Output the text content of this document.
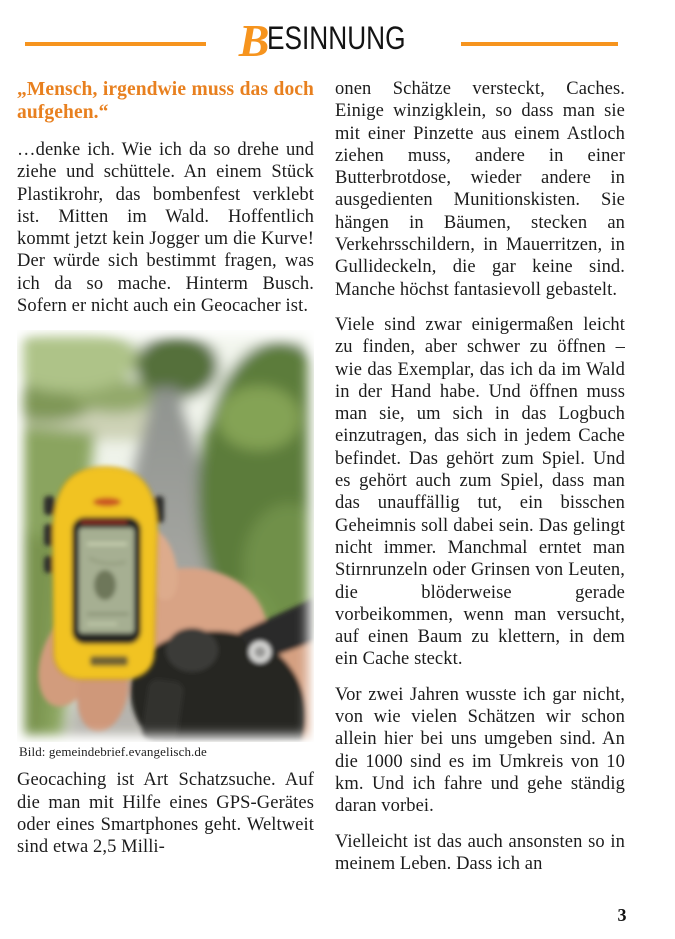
BESINNUNG
„Mensch, irgendwie muss das doch aufgehen.“

…denke ich. Wie ich da so drehe und ziehe und schüttele. An einem Stück Plastikrohr, das bombenfest verklebt ist. Mitten im Wald. Hoffentlich kommt jetzt kein Jogger um die Kurve! Der würde sich bestimmt fragen, was ich da so mache. Hinterm Busch. Sofern er nicht auch ein Geocacher ist.

Bild: gemeindebrief.evangelisch.de

Geocaching ist Art Schatzsuche. Auf die man mit Hilfe eines GPS-Gerätes oder eines Smartphones geht. Weltweit sind etwa 2,5 Milli-

onen Schätze versteckt, Caches. Einige winzigklein, so dass man sie mit einer Pinzette aus einem Astloch ziehen muss, andere in einer Butterbrotdose, wieder andere in ausgedienten Munitionskisten. Sie hängen in Bäumen, stecken an Verkehrsschildern, in Mauerritzen, in Gullideckeln, die gar keine sind. Manche höchst fantasievoll gebastelt.

Viele sind zwar einigermaßen leicht zu finden, aber schwer zu öffnen – wie das Exemplar, das ich da im Wald in der Hand habe. Und öffnen muss man sie, um sich in das Logbuch einzutragen, das sich in jedem Cache befindet. Das gehört zum Spiel. Und es gehört auch zum Spiel, dass man das unauffällig tut, ein bisschen Geheimnis soll dabei sein. Das gelingt nicht immer. Manchmal erntet man Stirnrunzeln oder Grinsen von Leuten, die blöderweise gerade vorbeikommen, wenn man versucht, auf einen Baum zu klettern, in dem ein Cache steckt.

Vor zwei Jahren wusste ich gar nicht, von wie vielen Schätzen wir schon allein hier bei uns umgeben sind. An die 1000 sind es im Umkreis von 10 km. Und ich fahre und gehe ständig daran vorbei.

Vielleicht ist das auch ansonsten so in meinem Leben. Dass ich an

3
